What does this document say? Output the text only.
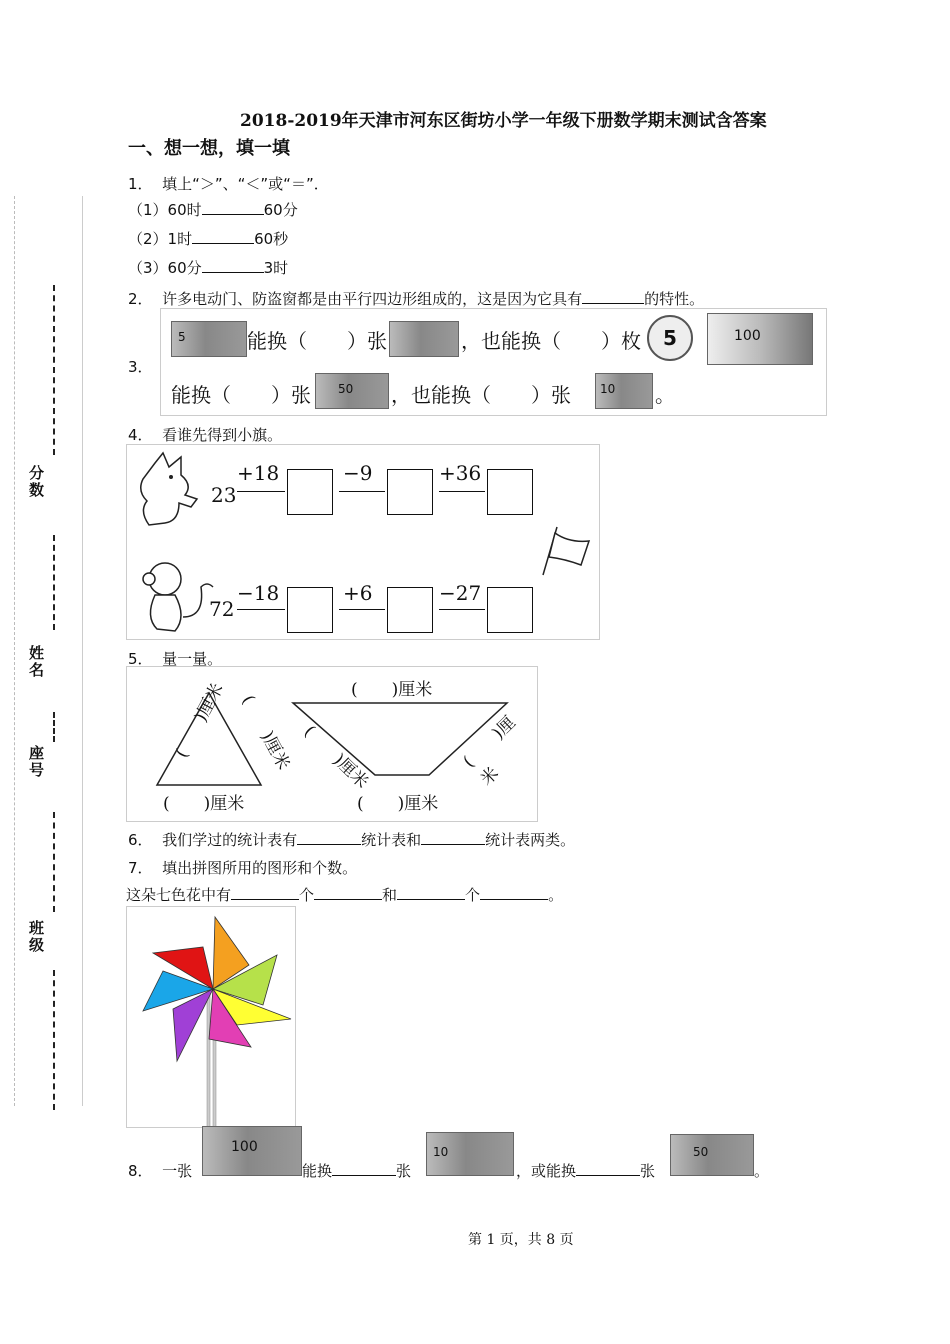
分数
姓名
座号
班级
2018-2019年天津市河东区街坊小学一年级下册数学期末测试含答案
一、想一想，填一填
1． 填上“＞”、“＜”或“＝”．
（1）60时	60分
（2）1时	60秒
（3）60分	3时
2． 许多电动门、防盗窗都是由平行四边形组成的，这是因为它具有	的特性。
3．
5	能换（   ）张	，也能换（   ）枚	5	100
能换（   ）张 50 ，也能换（   ）张 10 。
4． 看谁先得到小旗。
23
+18	−9	+36
72
−18	+6	−27
5． 量一量。
(　　)厘米 (　　)厘米
(　　)厘米
(　　)厘米
(　　)厘米	(　　)厘米
(　　)厘米
6． 我们学过的统计表有	统计表和	统计表两类。
7． 填出拼图所用的图形和个数。
这朵七色花中有	个	和	个	。
8． 一张
100
能换	张
10
，或能换	张
50
。
第 1 页，共 8 页
